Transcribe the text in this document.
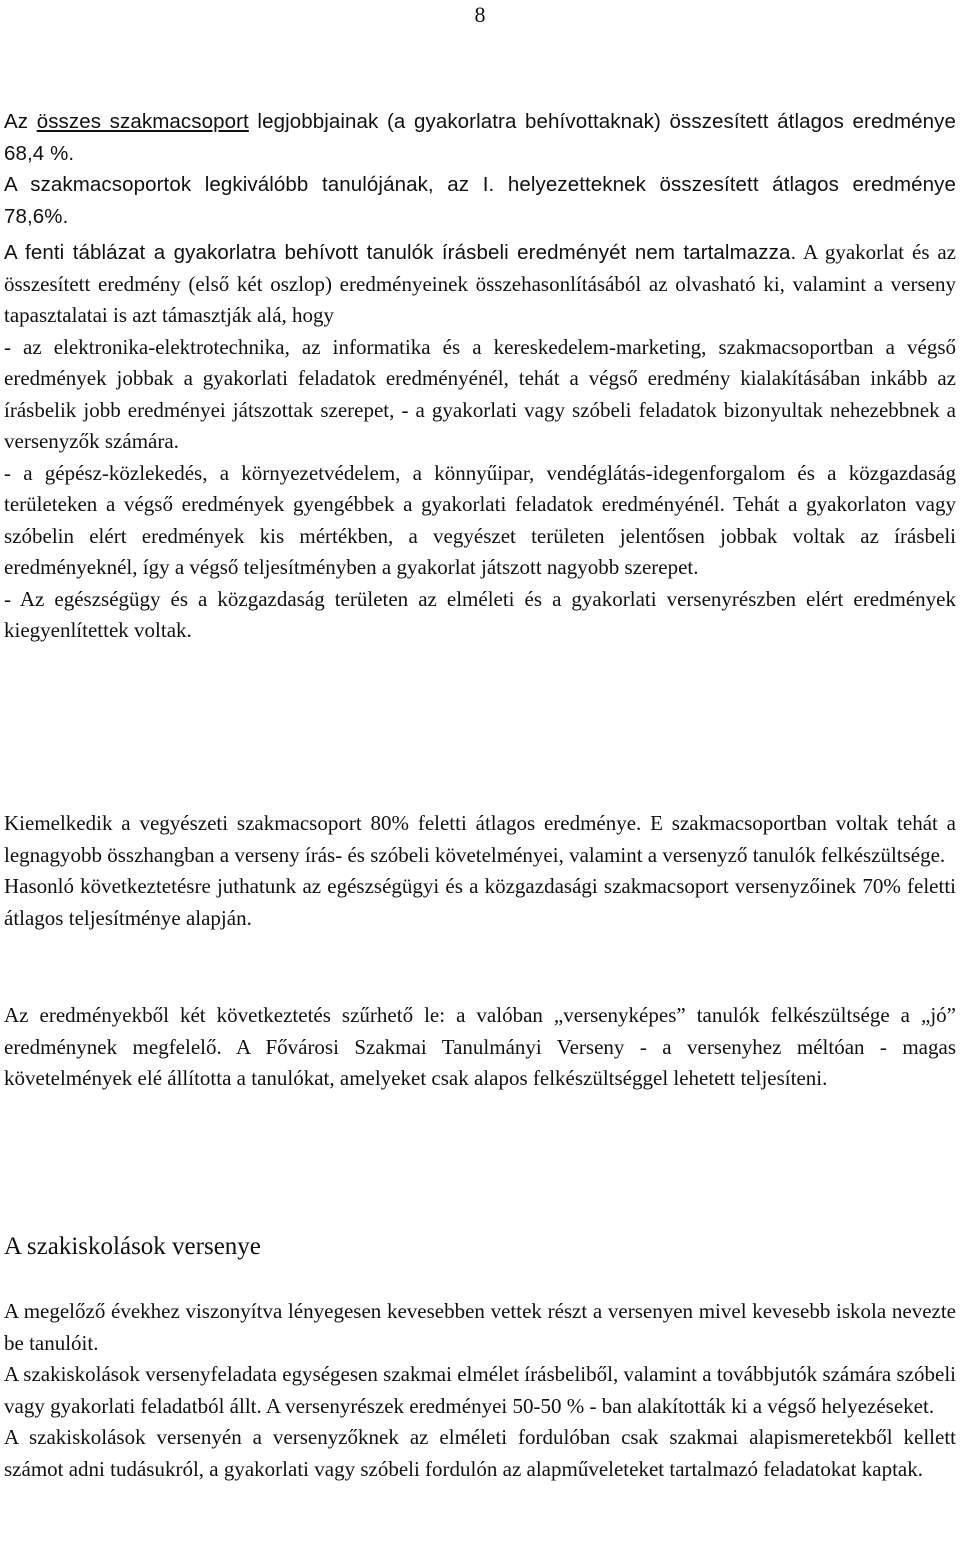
8

Az összes szakmacsoport legjobbjainak (a gyakorlatra behívottaknak) összesített átlagos eredménye 68,4 %.

A szakmacsoportok legkiválóbb tanulójának, az I. helyezetteknek összesített átlagos eredménye 78,6%.

A fenti táblázat a gyakorlatra behívott tanulók írásbeli eredményét nem tartalmazza. A gyakorlat és az összesített eredmény (első két oszlop) eredményeinek összehasonlításából az olvasható ki, valamint a verseny tapasztalatai is azt támasztják alá, hogy

- az elektronika-elektrotechnika, az informatika és a kereskedelem-marketing, szakmacsoportban a végső eredmények jobbak a gyakorlati feladatok eredményénél, tehát a végső eredmény kialakításában inkább az írásbelik jobb eredményei játszottak szerepet, - a gyakorlati vagy szóbeli feladatok bizonyultak nehezebbnek a versenyzők számára.

- a gépész-közlekedés, a környezetvédelem, a könnyűipar, vendéglátás-idegenforgalom és a közgazdaság területeken a végső eredmények gyengébbek a gyakorlati feladatok eredményénél. Tehát a gyakorlaton vagy szóbelin elért eredmények kis mértékben, a vegyészet területen jelentősen jobbak voltak az írásbeli eredményeknél, így a végső teljesítményben a gyakorlat játszott nagyobb szerepet.

- Az egészségügy és a közgazdaság területen az elméleti és a gyakorlati versenyrészben elért eredmények kiegyenlítettek voltak.

Kiemelkedik a vegyészeti szakmacsoport 80% feletti átlagos eredménye. E szakmacsoportban voltak tehát a legnagyobb összhangban a verseny írás- és szóbeli követelményei, valamint a versenyző tanulók felkészültsége.

Hasonló következtetésre juthatunk az egészségügyi és a közgazdasági szakmacsoport versenyzőinek 70% feletti átlagos teljesítménye alapján.

Az eredményekből két következtetés szűrhető le: a valóban „versenyképes” tanulók felkészültsége a „jó” eredménynek megfelelő. A Fővárosi Szakmai Tanulmányi Verseny - a versenyhez méltóan - magas követelmények elé állította a tanulókat, amelyeket csak alapos felkészültséggel lehetett teljesíteni.

A szakiskolások versenye

A megelőző évekhez viszonyítva lényegesen kevesebben vettek részt a versenyen mivel kevesebb iskola nevezte be tanulóit.

A szakiskolások versenyfeladata egységesen szakmai elmélet írásbeliből, valamint a továbbjutók számára szóbeli vagy gyakorlati feladatból állt. A versenyrészek eredményei 50-50 % - ban alakították ki a végső helyezéseket.

A szakiskolások versenyén a versenyzőknek az elméleti fordulóban csak szakmai alapismeretekből kellett számot adni tudásukról, a gyakorlati vagy szóbeli fordulón az alapműveleteket tartalmazó feladatokat kaptak.
